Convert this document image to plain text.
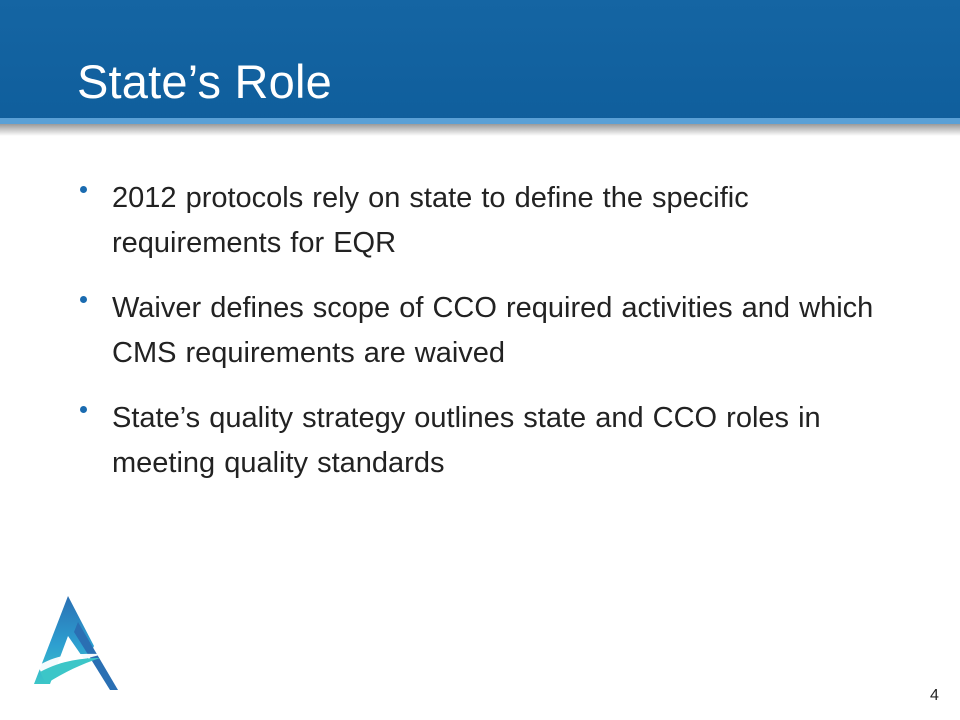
State’s Role
2012 protocols rely on state to define the specific requirements for EQR
Waiver defines scope of CCO required activities and which CMS requirements are waived
State’s quality strategy outlines state and CCO roles in meeting quality standards
4
